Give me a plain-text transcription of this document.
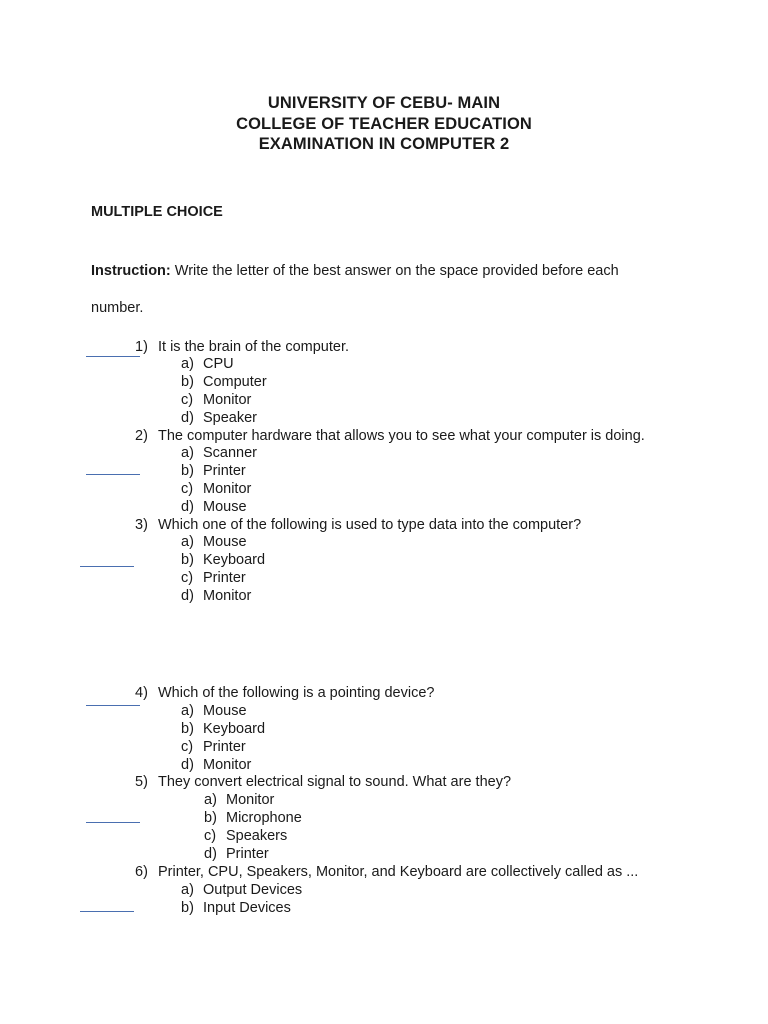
UNIVERSITY OF CEBU- MAIN
COLLEGE OF TEACHER EDUCATION
EXAMINATION IN COMPUTER 2
MULTIPLE CHOICE
Instruction: Write the letter of the best answer on the space provided before each
number.
1) It is the brain of the computer.
a) CPU
b) Computer
c) Monitor
d) Speaker
2) The computer hardware that allows you to see what your computer is doing.
a) Scanner
b) Printer
c) Monitor
d) Mouse
3) Which one of the following is used to type data into the computer?
a) Mouse
b) Keyboard
c) Printer
d) Monitor
4) Which of the following is a pointing device?
a) Mouse
b) Keyboard
c) Printer
d) Monitor
5) They convert electrical signal to sound. What are they?
a) Monitor
b) Microphone
c) Speakers
d) Printer
6) Printer, CPU, Speakers, Monitor, and Keyboard are collectively called as ...
a) Output Devices
b) Input Devices
